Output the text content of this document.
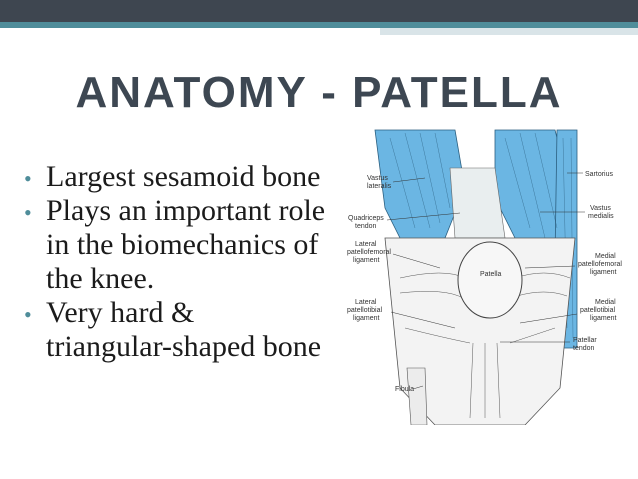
ANATOMY - PATELLA
• Largest sesamoid bone
• Plays an important role in the biomechanics of the knee.
• Very hard & triangular-shaped bone
Vastus
lateralis
Quadriceps
tendon
Lateral
patellofemoral
ligament
Lateral
patellotibial
ligament
Fibula
Patella
Sartorius
Vastus
medialis
Medial
patellofemoral
ligament
Medial
patellotibial
ligament
Patellar
tendon
